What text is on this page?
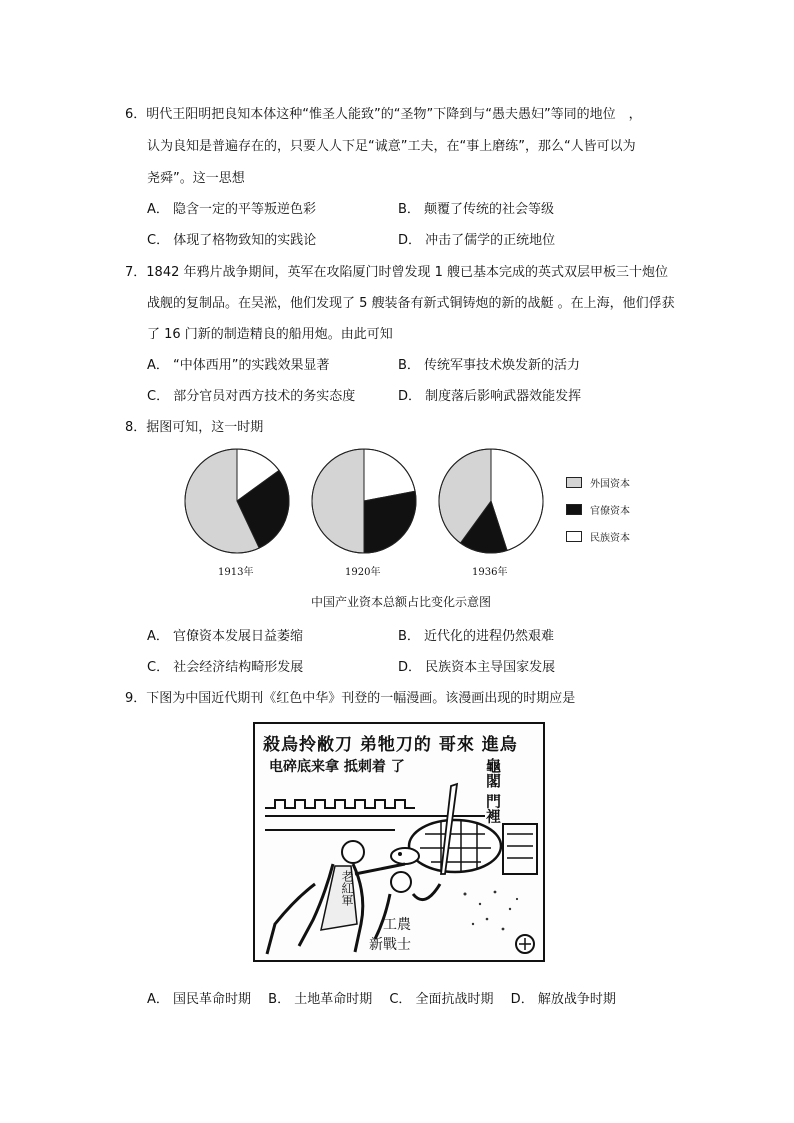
6．明代王阳明把良知本体这种“惟圣人能致”的“圣物”下降到与“愚夫愚妇”等同的地位　，
认为良知是普遍存在的，只要人人下足“诚意”工夫，在“事上磨练”，那么“人皆可以为
尧舜”。这一思想
A． 隐含一定的平等叛逆色彩	B． 颠覆了传统的社会等级
C． 体现了格物致知的实践论	D． 冲击了儒学的正统地位
7．1842 年鸦片战争期间，英军在攻陷厦门时曾发现 1 艘已基本完成的英式双层甲板三十炮位
战舰的复制品。在吴淞，他们发现了 5 艘装备有新式铜铸炮的新的战艇 。在上海，他们俘获
了 16 门新的制造精良的船用炮。由此可知
A． “中体西用”的实践效果显著	B． 传统军事技术焕发新的活力
C． 部分官员对西方技术的务实态度	D． 制度落后影响武器效能发挥
8．据图可知，这一时期
1913年	1920年	1936年
外国资本
官僚资本
民族资本
中国产业资本总额占比变化示意图
A． 官僚资本发展日益萎缩	B． 近代化的进程仍然艰难
C． 社会经济结构畸形发展	D． 民族资本主导国家发展
9．下图为中国近代期刊《红色中华》刊登的一幅漫画。该漫画出现的时期应是
殺烏拎敝刀 弟牠刀的 哥來 進烏
龜閣 門裡
电碎底来拿 抵刺着 了
老紅軍
工農
新戰士
A． 国民革命时期　 B． 土地革命时期　 C． 全面抗战时期　 D． 解放战争时期
